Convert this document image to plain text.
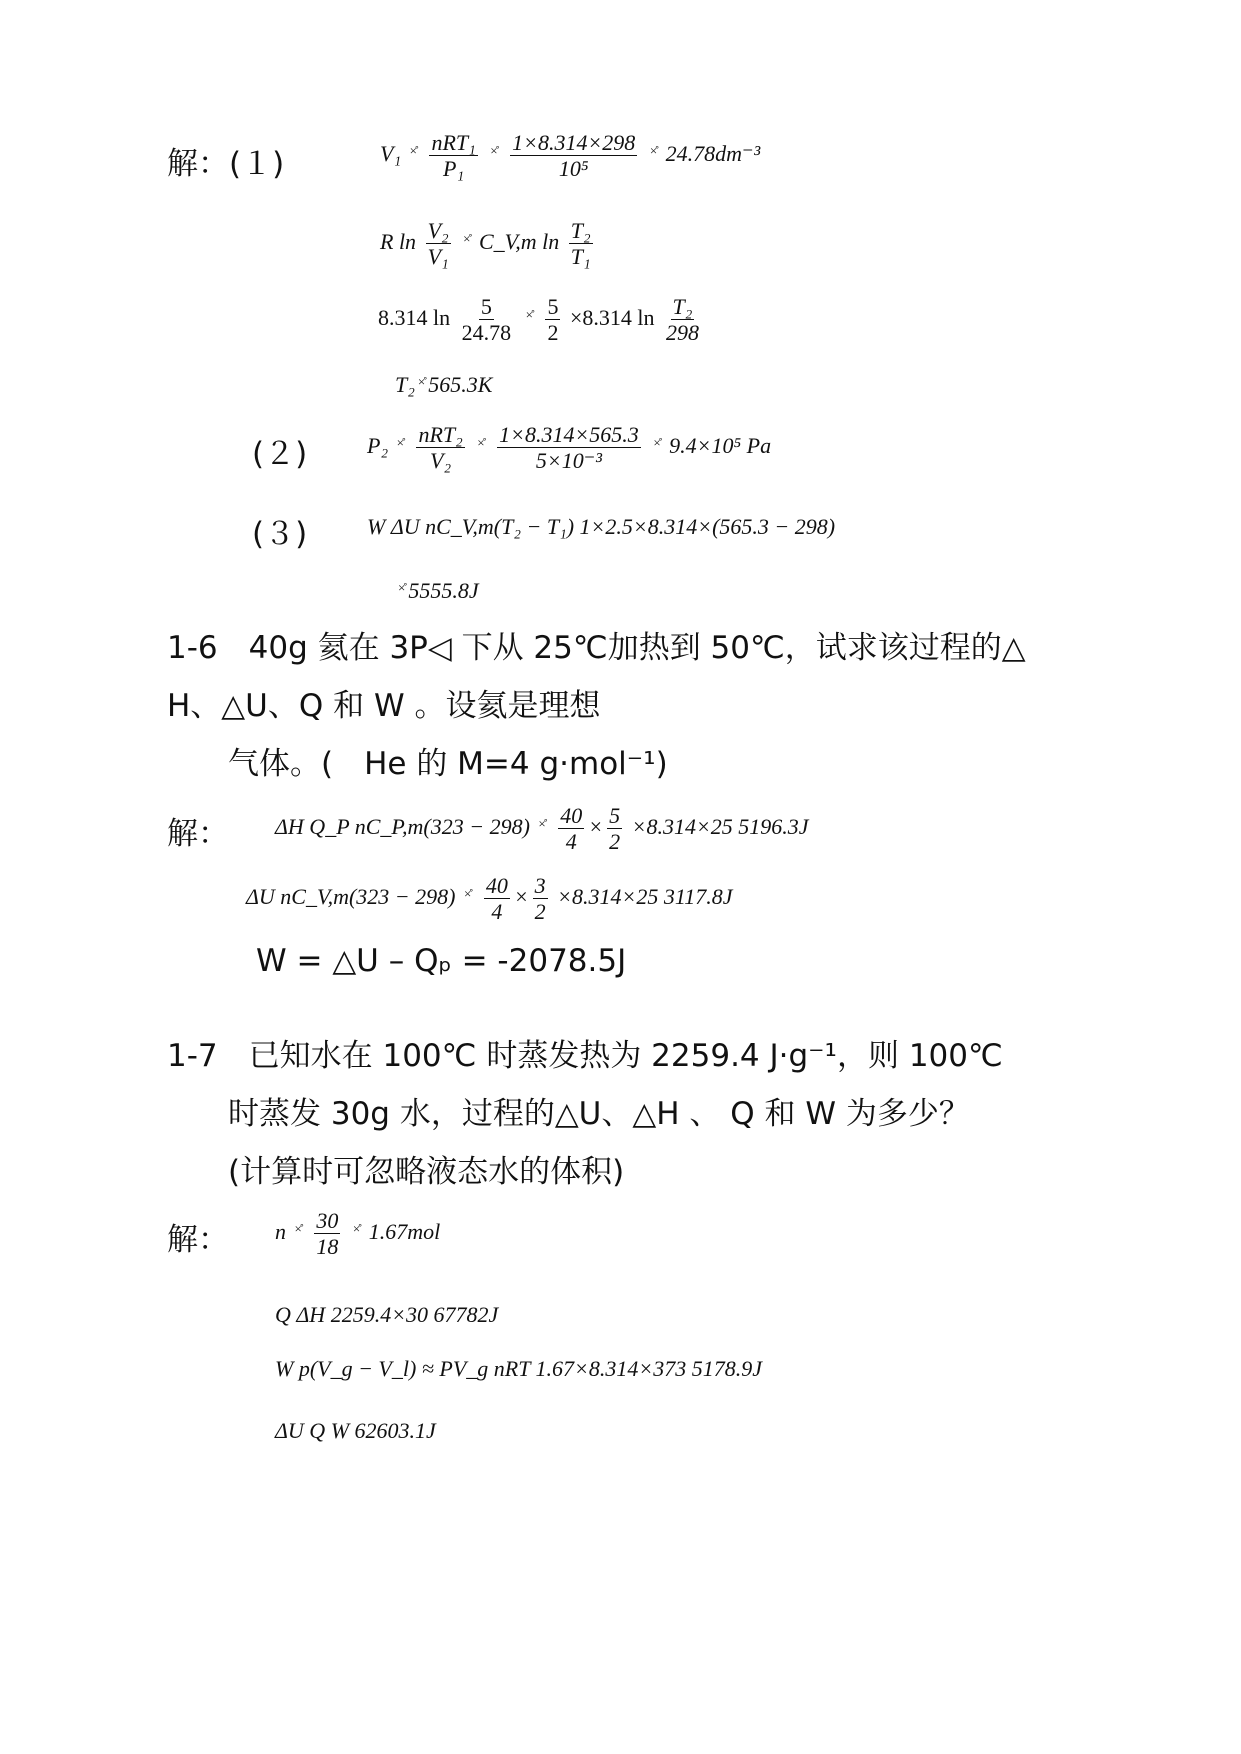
解：(１)	V₁ $^{\times̊} \frac{\text{nRT₁}}{\text{P₁}} ^{\times̊} \frac{1\times 8.314\times 298}{\text{10⁵}} ^{\times̊}$ 24.78dm⁻³
R $\ln \frac{\text{V₂}}{\text{V₁}} ^{\times̊}$ C_V,m $\ln \frac{\text{T₂}}{\text{T₁}}$
8.314 $\ln \frac{5}{24.78} ^{\times̊} \frac{5}{2} \times 8.314$ $\ln \frac{\text{T₂}}{298}$
T₂ ×̊ 565.3K
(２)	P₂ $^{\times̊} \frac{\text{nRT₂}}{\text{V₂}} ^{\times̊} \frac{1\times 8.314\times 565.3}{\text{5×10⁻³}} ^{\times̊}$ 9.4×10⁵ Pa
(３)	W ΔU nC_V,m(T₂ − T₁) 1×2.5×8.314×(565.3 − 298)
×̊ 5555.8J
1-6　40g 氦在 3P◁ 下从 25℃加热到 50℃，试求该过程的△
H、△U、Q 和 W 。设氦是理想
气体。(　He 的 M=4 g·mol⁻¹)
解： ΔH Q_P nC_P,m(323 − 298) $^{\times̊} \frac{40}{4} \times \frac{5}{2} \times 8.314\times 25$ 5196.3J
ΔU nC_V,m(323 − 298) $^{\times̊} \frac{40}{4} \times \frac{3}{2} \times 8.314\times 25$ 3117.8J
W = △U – Qₚ = -2078.5J
1-7　已知水在 100℃ 时蒸发热为 2259.4 J·g⁻¹，则 100℃
时蒸发 30g 水，过程的△U、△H 、 Q 和 W 为多少？
(计算时可忽略液态水的体积)
解： n $^{\times̊} \frac{30}{18} ^{\times̊}$ 1.67mol
Q ΔH 2259.4×30 67782J
W p(V_g − V_l) ≈ PV_g nRT 1.67×8.314×373 5178.9J
ΔU Q W 62603.1J
